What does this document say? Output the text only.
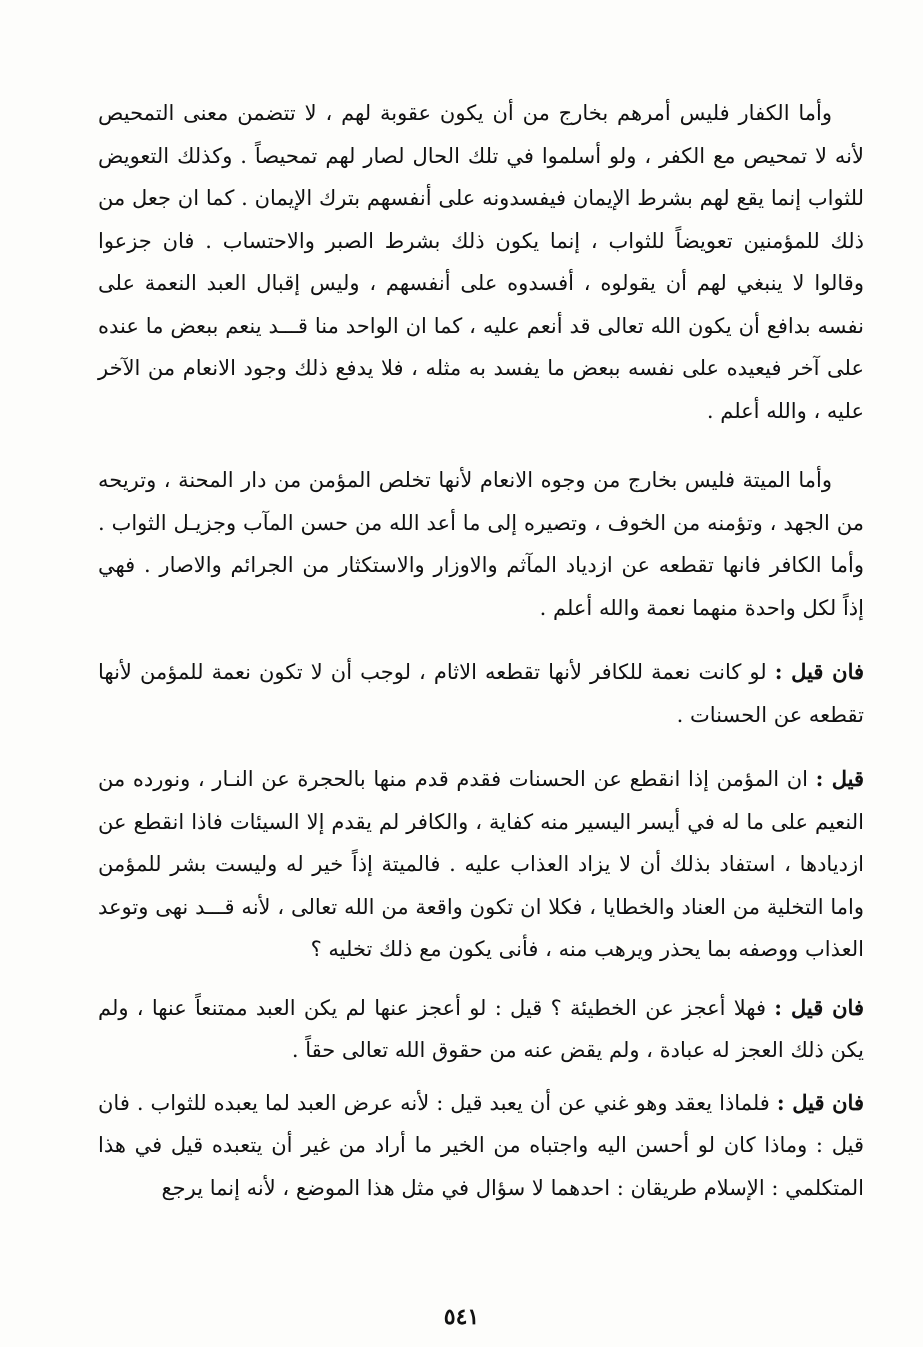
وأما الكفار فليس أمرهم بخارج من أن يكون عقوبة لهم ، لا تتضمن معنى التمحيص لأنه لا تمحيص مع الكفر ، ولو أسلموا في تلك الحال لصار لهم تمحيصاً . وكذلك التعويض للثواب إنما يقع لهم بشرط الإيمان فيفسدونه على أنفسهم بترك الإيمان . كما ان جعل من ذلك للمؤمنين تعويضاً للثواب ، إنما يكون ذلك بشرط الصبر والاحتساب . فان جزعوا وقالوا لا ينبغي لهم أن يقولوه ، أفسدوه على أنفسهم ، وليس إقبال العبد النعمة على نفسه بدافع أن يكون الله تعالى قد أنعم عليه ، كما ان الواحد منا قـــد ينعم ببعض ما عنده على آخر فيعيده على نفسه ببعض ما يفسد به مثله ، فلا يدفع ذلك وجود الانعام من الآخر عليه ، والله أعلم .

وأما الميتة فليس بخارج من وجوه الانعام لأنها تخلص المؤمن من دار المحنة ، وتريحه من الجهد ، وتؤمنه من الخوف ، وتصيره إلى ما أعد الله من حسن المآب وجزيـل الثواب . وأما الكافر فانها تقطعه عن ازدياد المآثم والاوزار والاستكثار من الجرائم والاصار . فهي إذاً لكل واحدة منهما نعمة والله أعلم .

فان قيل : لو كانت نعمة للكافر لأنها تقطعه الاثام ، لوجب أن لا تكون نعمة للمؤمن لأنها تقطعه عن الحسنات .

قيل : ان المؤمن إذا انقطع عن الحسنات فقدم قدم منها بالحجرة عن النـار ، ونورده من النعيم على ما له في أيسر اليسير منه كفاية ، والكافر لم يقدم إلا السيئات فاذا انقطع عن ازديادها ، استفاد بذلك أن لا يزاد العذاب عليه . فالميتة إذاً خير له وليست بشر للمؤمن واما التخلية من العناد والخطايا ، فكلا ان تكون واقعة من الله تعالى ، لأنه قـــد نهى وتوعد العذاب ووصفه بما يحذر ويرهب منه ، فأنى يكون مع ذلك تخليه ؟

فان قيل : فهلا أعجز عن الخطيئة ؟ قيل : لو أعجز عنها لم يكن العبد ممتنعاً عنها ، ولم يكن ذلك العجز له عبادة ، ولم يقض عنه من حقوق الله تعالى حقاً .

فان قيل : فلماذا يعقد وهو غني عن أن يعبد قيل : لأنه عرض العبد لما يعبده للثواب . فان قيل : وماذا كان لو أحسن اليه واجتباه من الخير ما أراد من غير أن يتعبده قيل في هذا المتكلمي : الإسلام طريقان : احدهما لا سؤال في مثل هذا الموضع ، لأنه إنما يرجع

٥٤١
